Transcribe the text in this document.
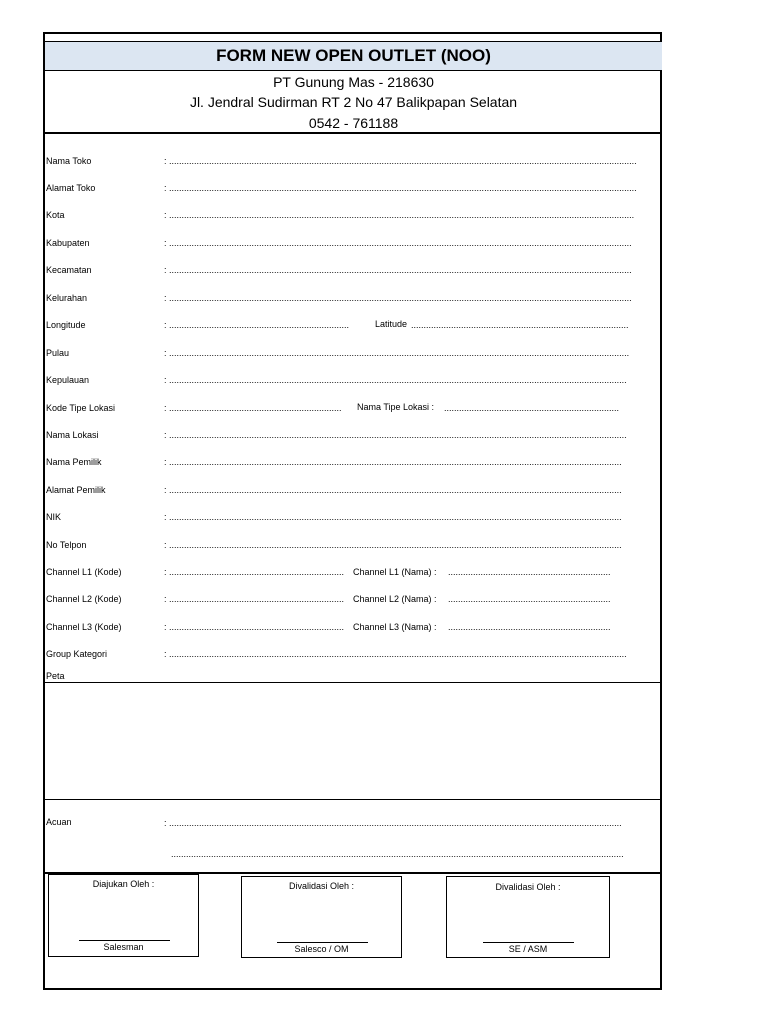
FORM NEW OPEN OUTLET (NOO)
PT Gunung Mas - 218630
Jl. Jendral Sudirman RT 2 No 47 Balikpapan Selatan
0542 - 761188
Nama Toko	: ...........................................................................................................................................................................................
Alamat Toko	: ...........................................................................................................................................................................................
Kota	: ..........................................................................................................................................................................................
Kabupaten	: .........................................................................................................................................................................................
Kecamatan	: .........................................................................................................................................................................................
Kelurahan	: .........................................................................................................................................................................................
Longitude	: ........................................................................	Latitude .......................................................................................
Pulau	: ........................................................................................................................................................................................
Kepulauan	: .......................................................................................................................................................................................
Kode Tipe Lokasi	: .....................................................................	Nama Tipe Lokasi : ......................................................................
Nama Lokasi	: .......................................................................................................................................................................................
Nama Pemilik	: .....................................................................................................................................................................................
Alamat Pemilik	: .....................................................................................................................................................................................
NIK	: .....................................................................................................................................................................................
No Telpon	: .....................................................................................................................................................................................
Channel L1 (Kode)	: ...................................................................... Channel L1 (Nama) : .................................................................
Channel L2 (Kode)	: ...................................................................... Channel L2 (Nama) : .................................................................
Channel L3 (Kode)	: ...................................................................... Channel L3 (Nama) : .................................................................
Group Kategori	: .......................................................................................................................................................................................
Peta
Acuan	: .....................................................................................................................................................................................
.....................................................................................................................................................................................
Diajukan Oleh :
Salesman
Divalidasi Oleh :
Salesco / OM
Divalidasi Oleh :
SE / ASM
